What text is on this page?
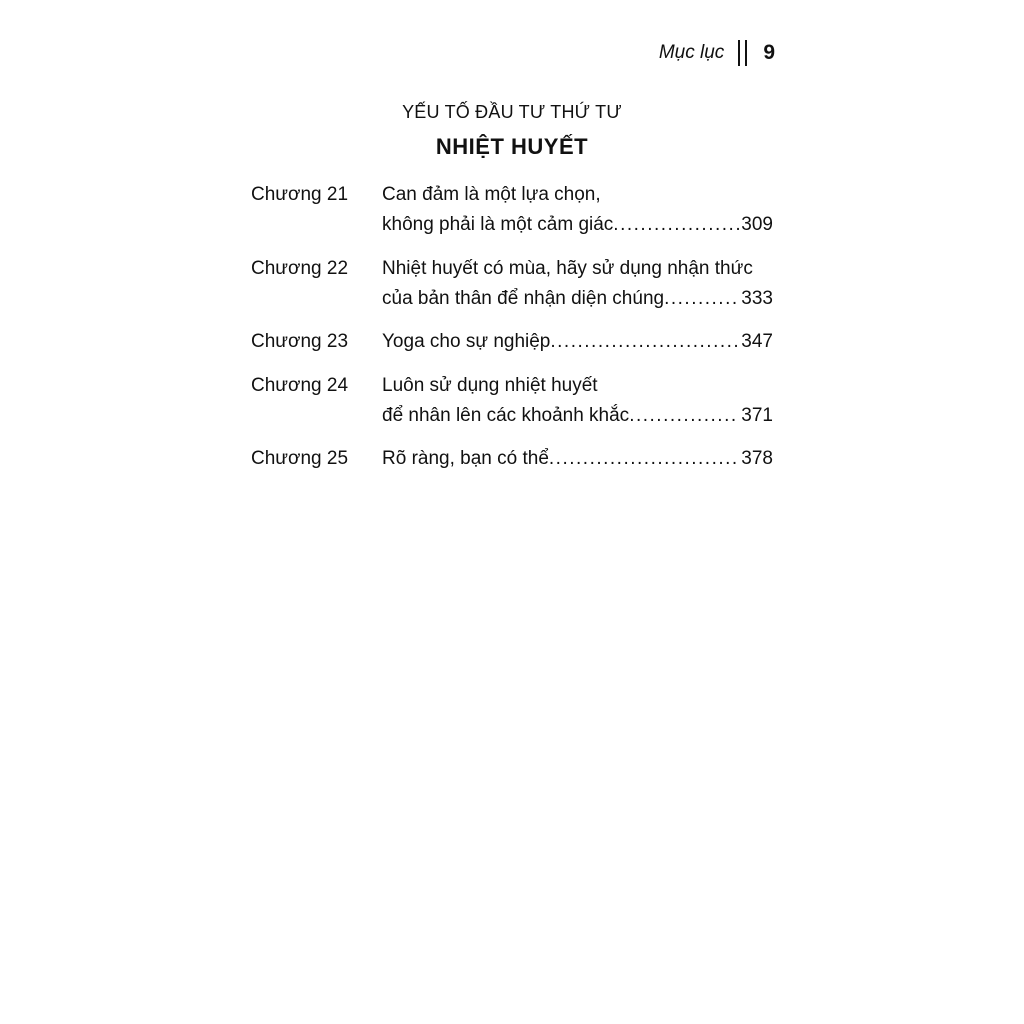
Mục lục 9
YẾU TỐ ĐẦU TƯ THỨ TƯ
NHIỆT HUYẾT
Chương 21	Can đảm là một lựa chọn,
không phải là một cảm giác .....	309
Chương 22	Nhiệt huyết có mùa, hãy sử dụng nhận thức
của bản thân để nhận diện chúng .....	333
Chương 23	Yoga cho sự nghiệp .....	347
Chương 24	Luôn sử dụng nhiệt huyết
để nhân lên các khoảnh khắc .....	371
Chương 25	Rõ ràng, bạn có thể .....	378
